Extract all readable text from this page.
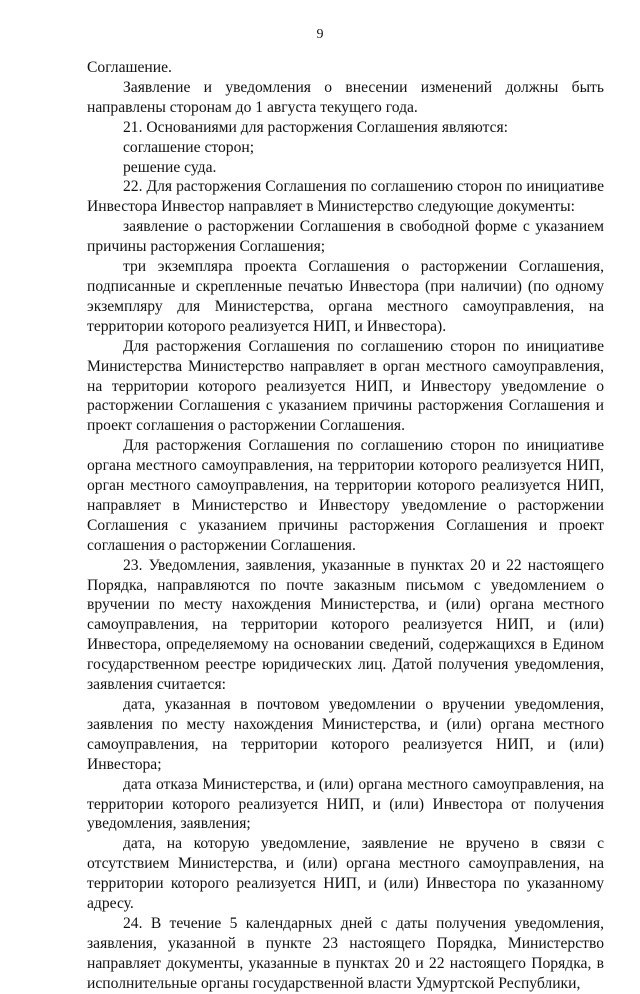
9

Соглашение.

Заявление и уведомления о внесении изменений должны быть направлены сторонам до 1 августа текущего года.

21. Основаниями для расторжения Соглашения являются:

соглашение сторон;

решение суда.

22. Для расторжения Соглашения по соглашению сторон по инициативе Инвестора Инвестор направляет в Министерство следующие документы:

заявление о расторжении Соглашения в свободной форме с указанием причины расторжения Соглашения;

три экземпляра проекта Соглашения о расторжении Соглашения, подписанные и скрепленные печатью Инвестора (при наличии) (по одному экземпляру для Министерства, органа местного самоуправления, на территории которого реализуется НИП, и Инвестора).

Для расторжения Соглашения по соглашению сторон по инициативе Министерства Министерство направляет в орган местного самоуправления, на территории которого реализуется НИП, и Инвестору уведомление о расторжении Соглашения с указанием причины расторжения Соглашения и проект соглашения о расторжении Соглашения.

Для расторжения Соглашения по соглашению сторон по инициативе органа местного самоуправления, на территории которого реализуется НИП, орган местного самоуправления, на территории которого реализуется НИП, направляет в Министерство и Инвестору уведомление о расторжении Соглашения с указанием причины расторжения Соглашения и проект соглашения о расторжении Соглашения.

23. Уведомления, заявления, указанные в пунктах 20 и 22 настоящего Порядка, направляются по почте заказным письмом с уведомлением о вручении по месту нахождения Министерства, и (или) органа местного самоуправления, на территории которого реализуется НИП, и (или) Инвестора, определяемому на основании сведений, содержащихся в Едином государственном реестре юридических лиц. Датой получения уведомления, заявления считается:

дата, указанная в почтовом уведомлении о вручении уведомления, заявления по месту нахождения Министерства, и (или) органа местного самоуправления, на территории которого реализуется НИП, и (или) Инвестора;

дата отказа Министерства, и (или) органа местного самоуправления, на территории которого реализуется НИП, и (или) Инвестора от получения уведомления, заявления;

дата, на которую уведомление, заявление не вручено в связи с отсутствием Министерства, и (или) органа местного самоуправления, на территории которого реализуется НИП, и (или) Инвестора по указанному адресу.

24. В течение 5 календарных дней с даты получения уведомления, заявления, указанной в пункте 23 настоящего Порядка, Министерство направляет документы, указанные в пунктах 20 и 22 настоящего Порядка, в исполнительные органы государственной власти Удмуртской Республики,
